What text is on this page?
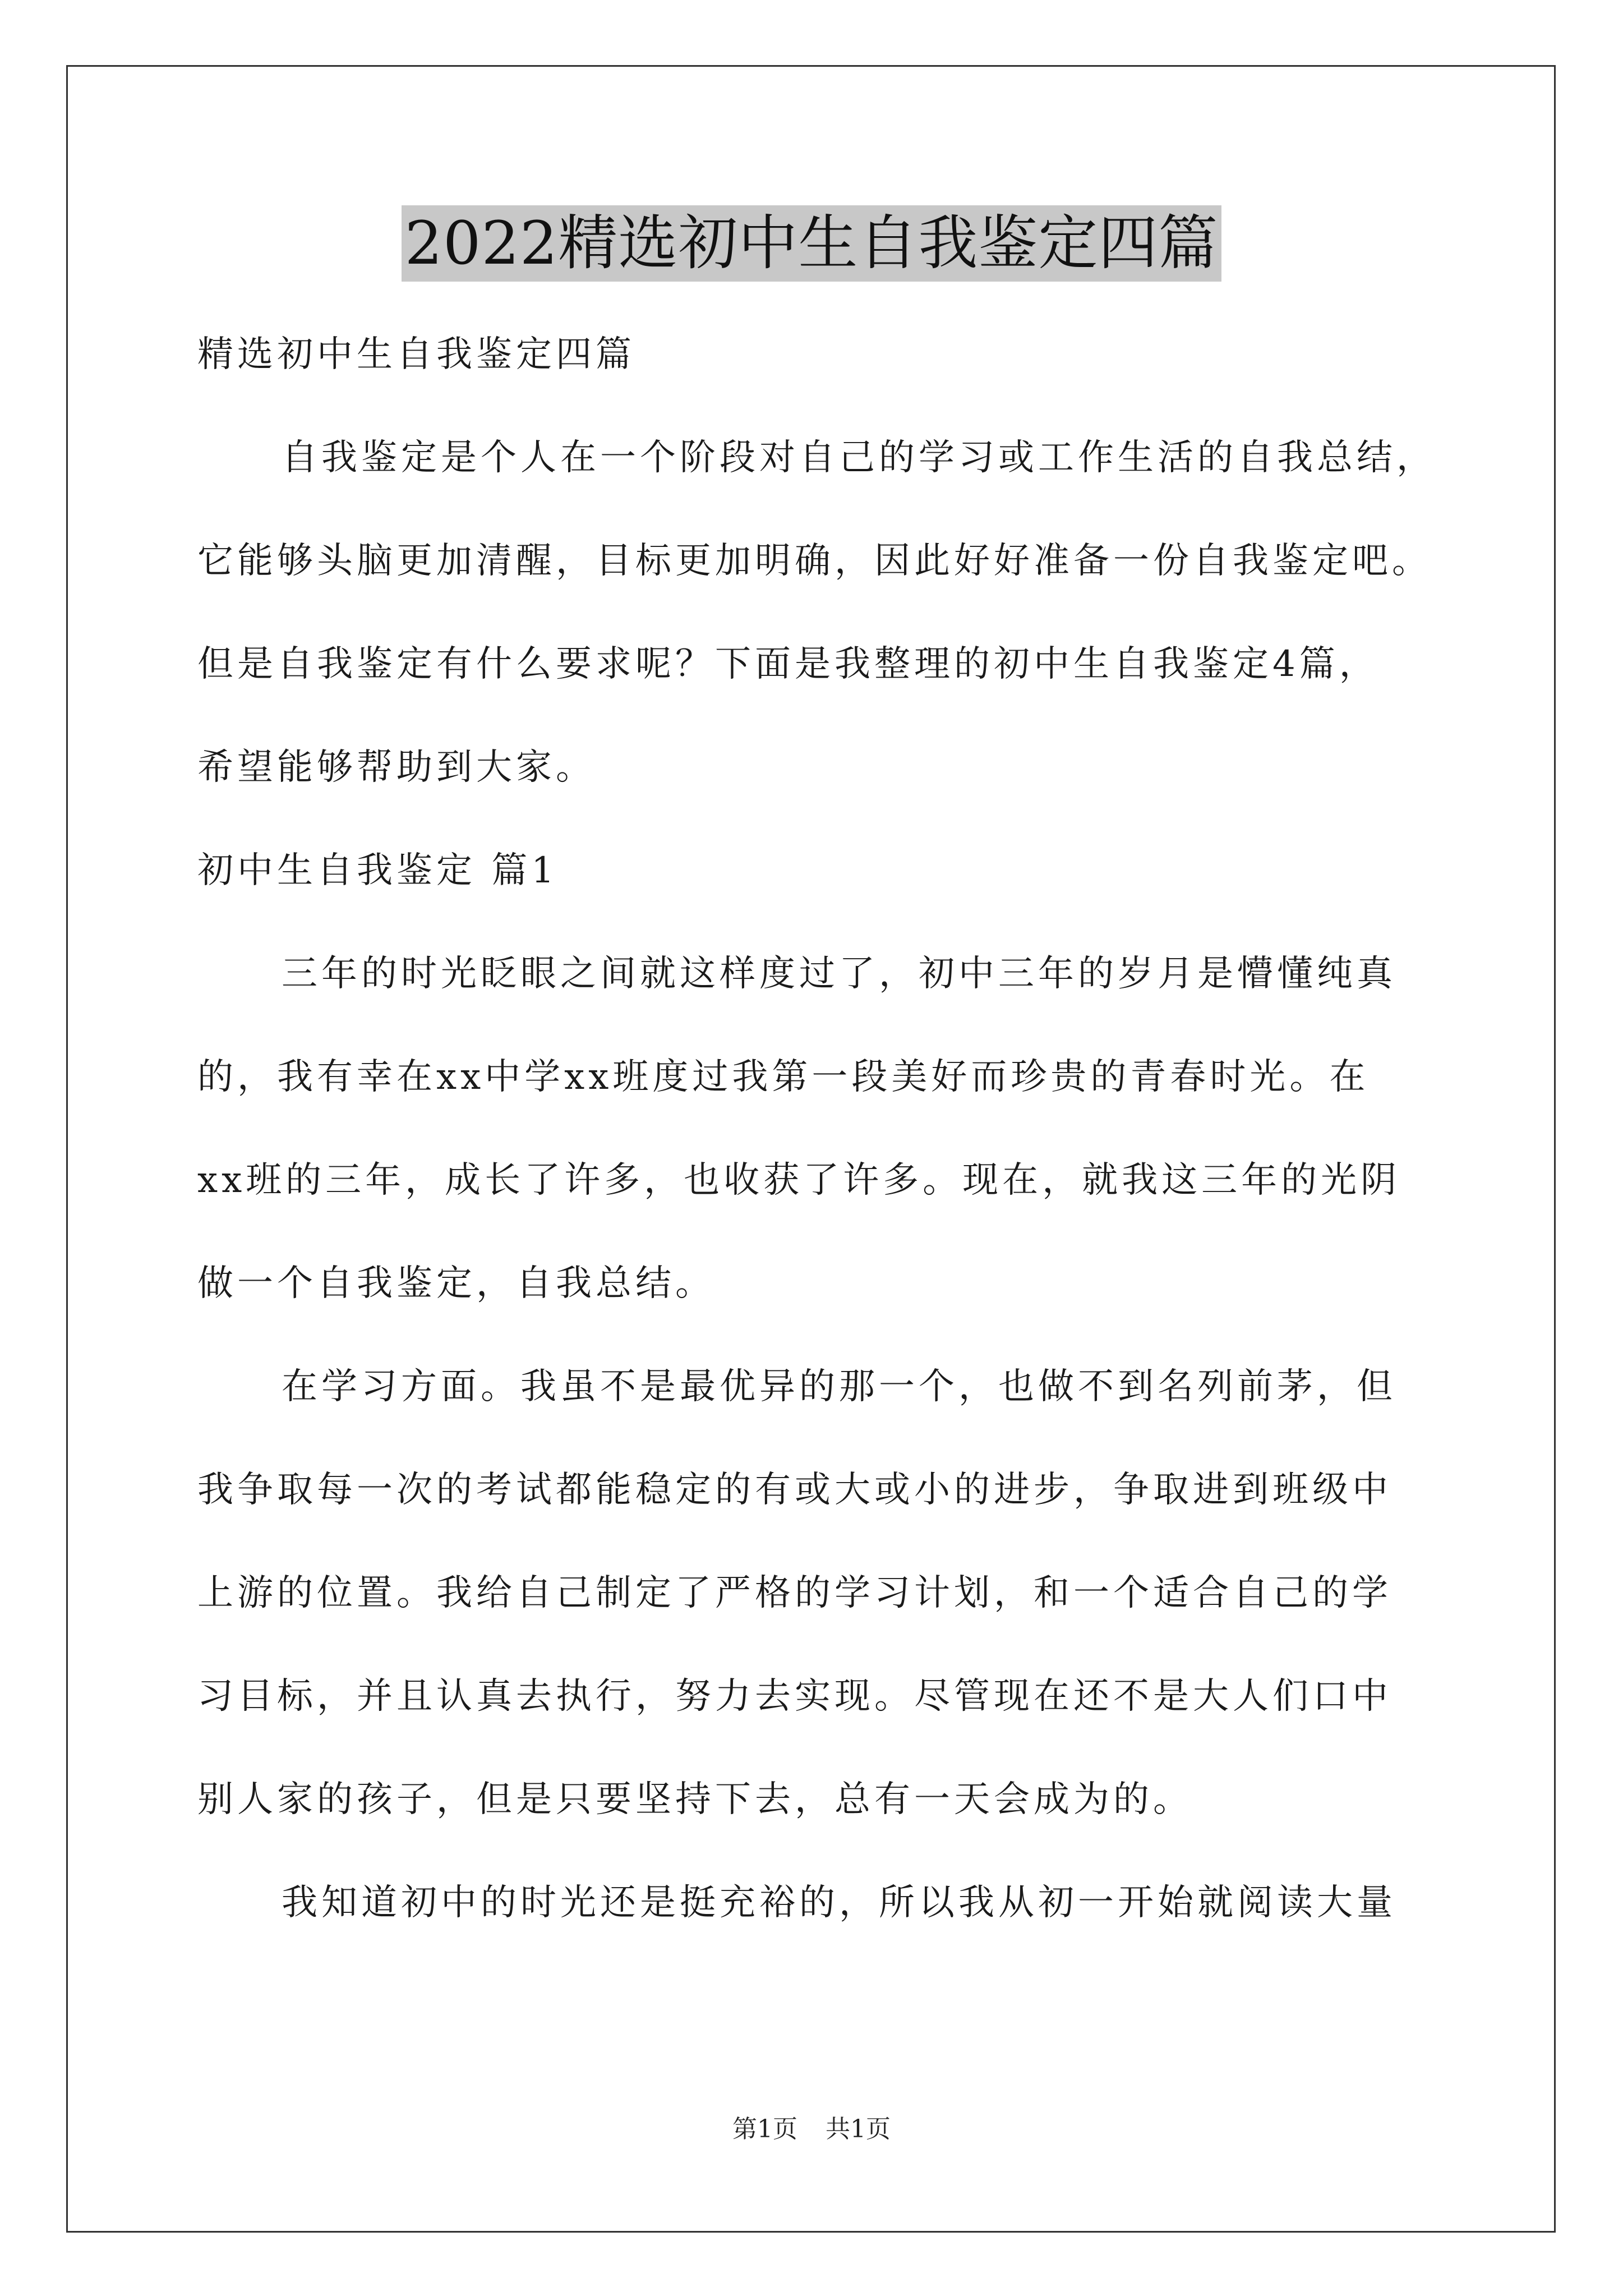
2022精选初中生自我鉴定四篇
精选初中生自我鉴定四篇
自我鉴定是个人在一个阶段对自己的学习或工作生活的自我总结，
它能够头脑更加清醒，目标更加明确，因此好好准备一份自我鉴定吧。
但是自我鉴定有什么要求呢？下面是我整理的初中生自我鉴定4篇，
希望能够帮助到大家。
初中生自我鉴定 篇1
三年的时光眨眼之间就这样度过了，初中三年的岁月是懵懂纯真
的，我有幸在xx中学xx班度过我第一段美好而珍贵的青春时光。在
xx班的三年，成长了许多，也收获了许多。现在，就我这三年的光阴
做一个自我鉴定，自我总结。
在学习方面。我虽不是最优异的那一个，也做不到名列前茅，但
我争取每一次的考试都能稳定的有或大或小的进步，争取进到班级中
上游的位置。我给自己制定了严格的学习计划，和一个适合自己的学
习目标，并且认真去执行，努力去实现。尽管现在还不是大人们口中
别人家的孩子，但是只要坚持下去，总有一天会成为的。
我知道初中的时光还是挺充裕的，所以我从初一开始就阅读大量
第1页 共1页
